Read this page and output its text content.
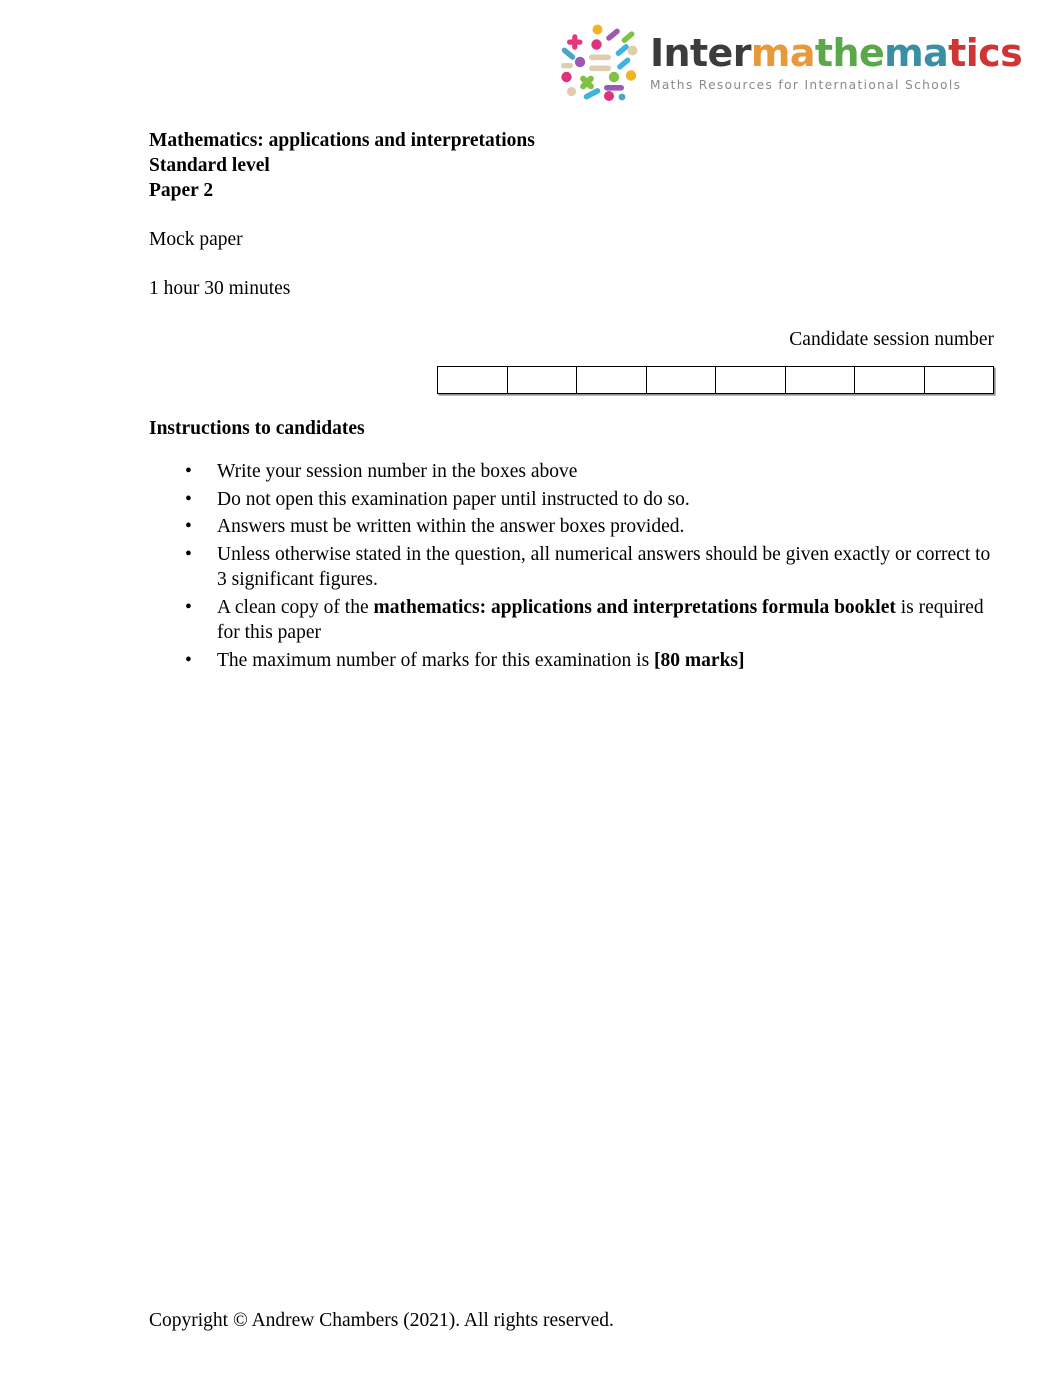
Intermathematics
Maths Resources for International Schools
Mathematics: applications and interpretations
Standard level
Paper 2
Mock paper
1 hour 30 minutes
Candidate session number
Instructions to candidates
• Write your session number in the boxes above
• Do not open this examination paper until instructed to do so.
• Answers must be written within the answer boxes provided.
• Unless otherwise stated in the question, all numerical answers should be given exactly or correct to 3 significant figures.
• A clean copy of the mathematics: applications and interpretations formula booklet is required for this paper
• The maximum number of marks for this examination is [80 marks]
Copyright © Andrew Chambers (2021). All rights reserved.
